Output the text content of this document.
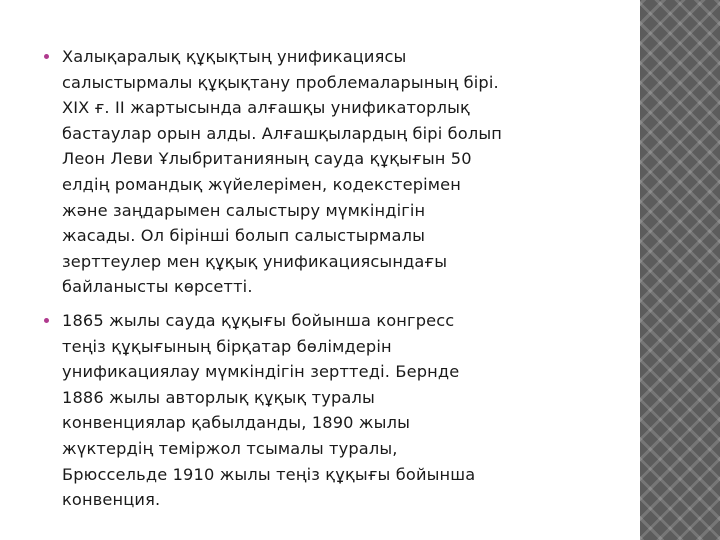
Халықаралық құқықтың унификациясы
салыстырмалы құқықтану проблемаларының бірі.
XIX ғ. II жартысында алғашқы унификаторлық
бастаулар орын алды. Алғашқылардың бірі болып
Леон Леви Ұлыбританияның сауда құқығын 50
елдің романдық жүйелерімен, кодекстерімен
және заңдарымен салыстыру мүмкіндігін
жасады. Ол бірінші болып салыстырмалы
зерттеулер мен құқық унификациясындағы
байланысты көрсетті.
1865 жылы сауда құқығы бойынша конгресс
теңіз құқығының бірқатар бөлімдерін
унификациялау мүмкіндігін зерттеді. Бернде
1886 жылы авторлық құқық туралы
конвенциялар қабылданды, 1890 жылы
жүктердің теміржол тсымалы туралы,
Брюссельде 1910 жылы теңіз құқығы бойынша
конвенция.
